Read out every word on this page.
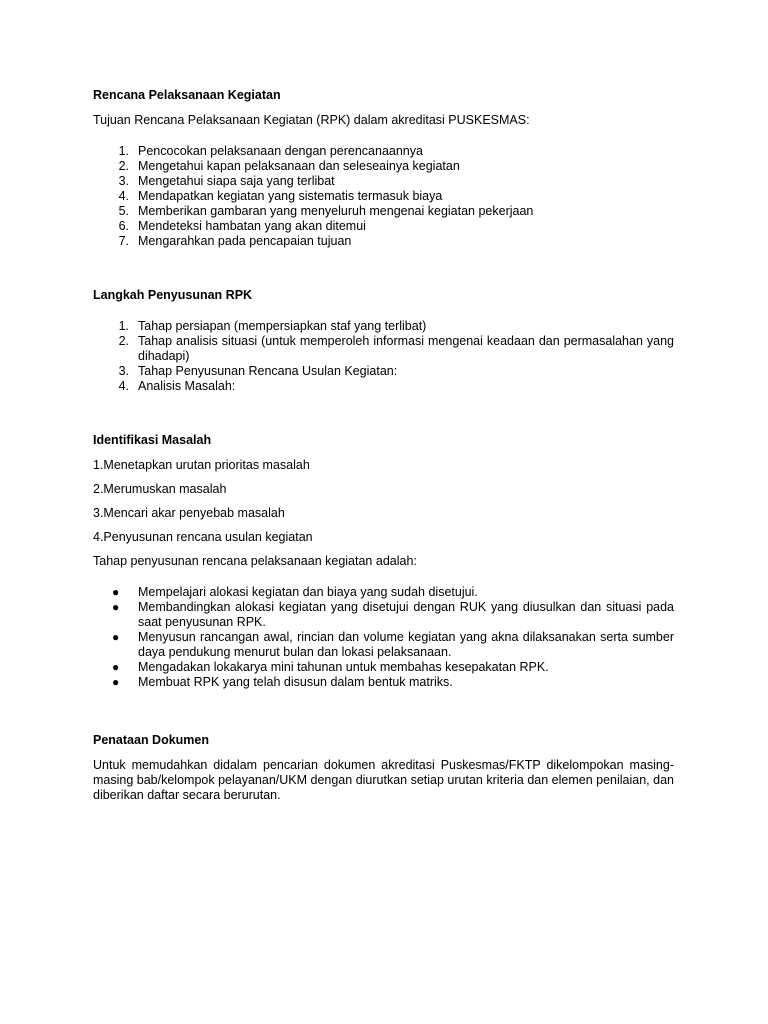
Rencana Pelaksanaan Kegiatan

Tujuan Rencana Pelaksanaan Kegiatan (RPK) dalam akreditasi PUSKESMAS:

1. Pencocokan pelaksanaan dengan perencanaannya
2. Mengetahui kapan pelaksanaan dan seleseainya kegiatan
3. Mengetahui siapa saja yang terlibat
4. Mendapatkan kegiatan yang sistematis termasuk biaya
5. Memberikan gambaran yang menyeluruh mengenai kegiatan pekerjaan
6. Mendeteksi hambatan yang akan ditemui
7. Mengarahkan pada pencapaian tujuan
Langkah Penyusunan RPK
1. Tahap persiapan (mempersiapkan staf yang terlibat)
2. Tahap analisis situasi (untuk memperoleh informasi mengenai keadaan dan permasalahan yang dihadapi)
3. Tahap Penyusunan Rencana Usulan Kegiatan:
4. Analisis Masalah:
Identifikasi Masalah

1.Menetapkan urutan prioritas masalah

2.Merumuskan masalah

3.Mencari akar penyebab masalah

4.Penyusunan rencana usulan kegiatan

Tahap penyusunan rencana pelaksanaan kegiatan adalah:

●	Mempelajari alokasi kegiatan dan biaya yang sudah disetujui.
●	Membandingkan alokasi kegiatan yang disetujui dengan RUK yang diusulkan dan situasi pada saat penyusunan RPK.
●	Menyusun rancangan awal, rincian dan volume kegiatan yang akna dilaksanakan serta sumber daya pendukung menurut bulan dan lokasi pelaksanaan.
●	Mengadakan lokakarya mini tahunan untuk membahas kesepakatan RPK.
●	Membuat RPK yang telah disusun dalam bentuk matriks.
Penataan Dokumen

Untuk memudahkan didalam pencarian dokumen akreditasi Puskesmas/FKTP dikelompokan masing- masing bab/kelompok pelayanan/UKM dengan diurutkan setiap urutan kriteria dan elemen penilaian, dan diberikan daftar secara berurutan.
